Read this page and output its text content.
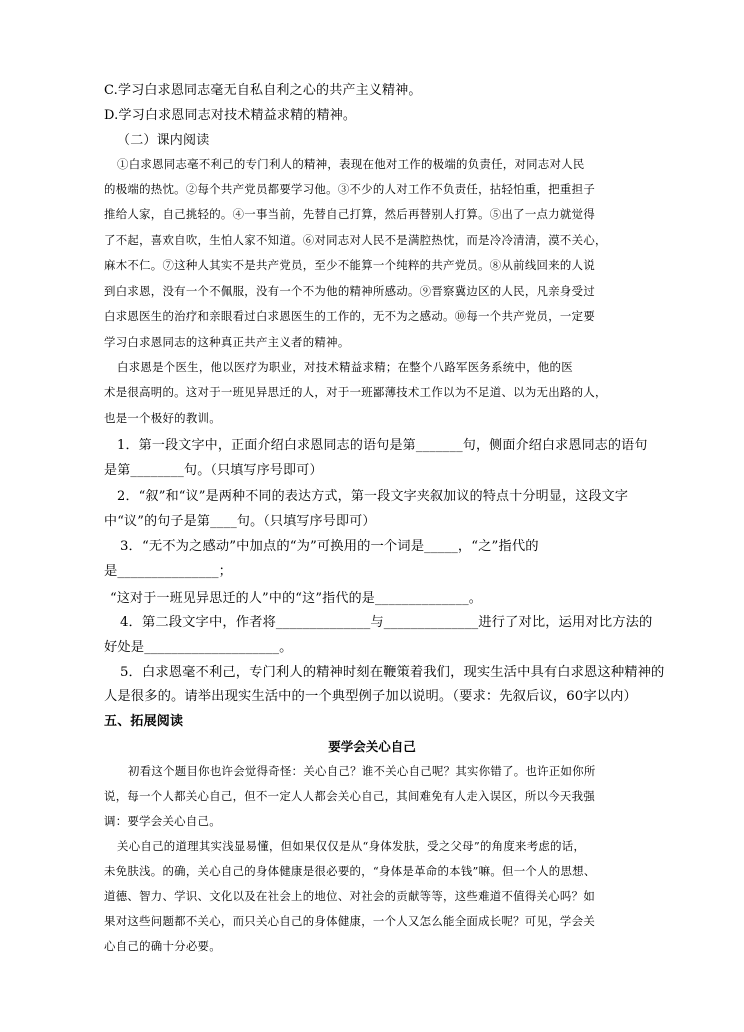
C.学习白求恩同志毫无自私自利之心的共产主义精神。
D.学习白求恩同志对技术精益求精的精神。
（二）课内阅读
①白求恩同志毫不利己的专门利人的精神，表现在他对工作的极端的负责任，对同志对人民
的极端的热忱。②每个共产党员都要学习他。③不少的人对工作不负责任，拈轻怕重，把重担子
推给人家，自己挑轻的。④一事当前，先替自己打算，然后再替别人打算。⑤出了一点力就觉得
了不起，喜欢自吹，生怕人家不知道。⑥对同志对人民不是满腔热忱，而是冷冷清清，漠不关心，
麻木不仁。⑦这种人其实不是共产党员，至少不能算一个纯粹的共产党员。⑧从前线回来的人说
到白求恩，没有一个不佩服，没有一个不为他的精神所感动。⑨晋察冀边区的人民，凡亲身受过
白求恩医生的治疗和亲眼看过白求恩医生的工作的，无不为之感动。⑩每一个共产党员，一定要
学习白求恩同志的这种真正共产主义者的精神。
白求恩是个医生，他以医疗为职业，对技术精益求精；在整个八路军医务系统中，他的医
术是很高明的。这对于一班见异思迁的人，对于一班鄙薄技术工作以为不足道、以为无出路的人，
也是一个极好的教训。
1．第一段文字中，正面介绍白求恩同志的语句是第_______句，侧面介绍白求恩同志的语句
是第________句。（只填写序号即可）
2．“叙”和“议”是两种不同的表达方式，第一段文字夹叙加议的特点十分明显，这段文字
中“议”的句子是第____句。（只填写序号即可）
3．“无不为之感动”中加点的“为”可换用的一个词是_____，“之”指代的
是_______________；
“这对于一班见异思迁的人”中的“这”指代的是______________。
4．第二段文字中，作者将______________与______________进行了对比，运用对比方法的
好处是____________________。
5．白求恩毫不利己，专门利人的精神时刻在鞭策着我们，现实生活中具有白求恩这种精神的
人是很多的。请举出现实生活中的一个典型例子加以说明。（要求：先叙后议，60字以内）
五、拓展阅读
要学会关心自己
初看这个题目你也许会觉得奇怪：关心自己？谁不关心自己呢？其实你错了。也许正如你所
说，每一个人都关心自己，但不一定人人都会关心自己，其间难免有人走入误区，所以今天我强
调：要学会关心自己。
关心自己的道理其实浅显易懂，但如果仅仅是从“身体发肤，受之父母”的角度来考虑的话，
未免肤浅。的确，关心自己的身体健康是很必要的，“身体是革命的本钱”嘛。但一个人的思想、
道德、智力、学识、文化以及在社会上的地位、对社会的贡献等等，这些难道不值得关心吗？如
果对这些问题都不关心，而只关心自己的身体健康，一个人又怎么能全面成长呢？可见，学会关
心自己的确十分必要。
